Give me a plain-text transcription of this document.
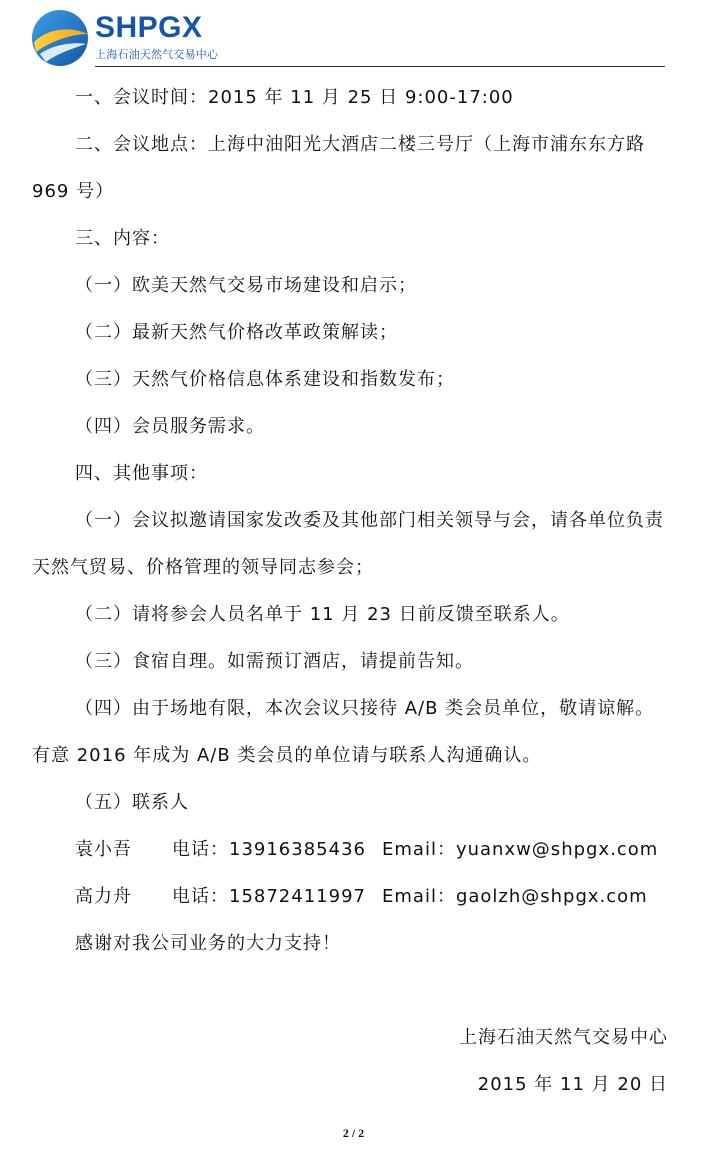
SHPGX
上海石油天然气交易中心

一、会议时间：2015 年 11 月 25 日 9:00-17:00

二、会议地点：上海中油阳光大酒店二楼三号厅（上海市浦东东方路 969 号）

三、内容：

（一）欧美天然气交易市场建设和启示；

（二）最新天然气价格改革政策解读；

（三）天然气价格信息体系建设和指数发布；

（四）会员服务需求。

四、其他事项：

（一）会议拟邀请国家发改委及其他部门相关领导与会，请各单位负责天然气贸易、价格管理的领导同志参会；

（二）请将参会人员名单于 11 月 23 日前反馈至联系人。

（三）食宿自理。如需预订酒店，请提前告知。

（四）由于场地有限，本次会议只接待 A/B 类会员单位，敬请谅解。有意 2016 年成为 A/B 类会员的单位请与联系人沟通确认。

（五）联系人

袁小吾 电话：13916385436 Email：yuanxw@shpgx.com
高力舟 电话：15872411997 Email：gaolzh@shpgx.com

感谢对我公司业务的大力支持！

上海石油天然气交易中心

2015 年 11 月 20 日

2 / 2
